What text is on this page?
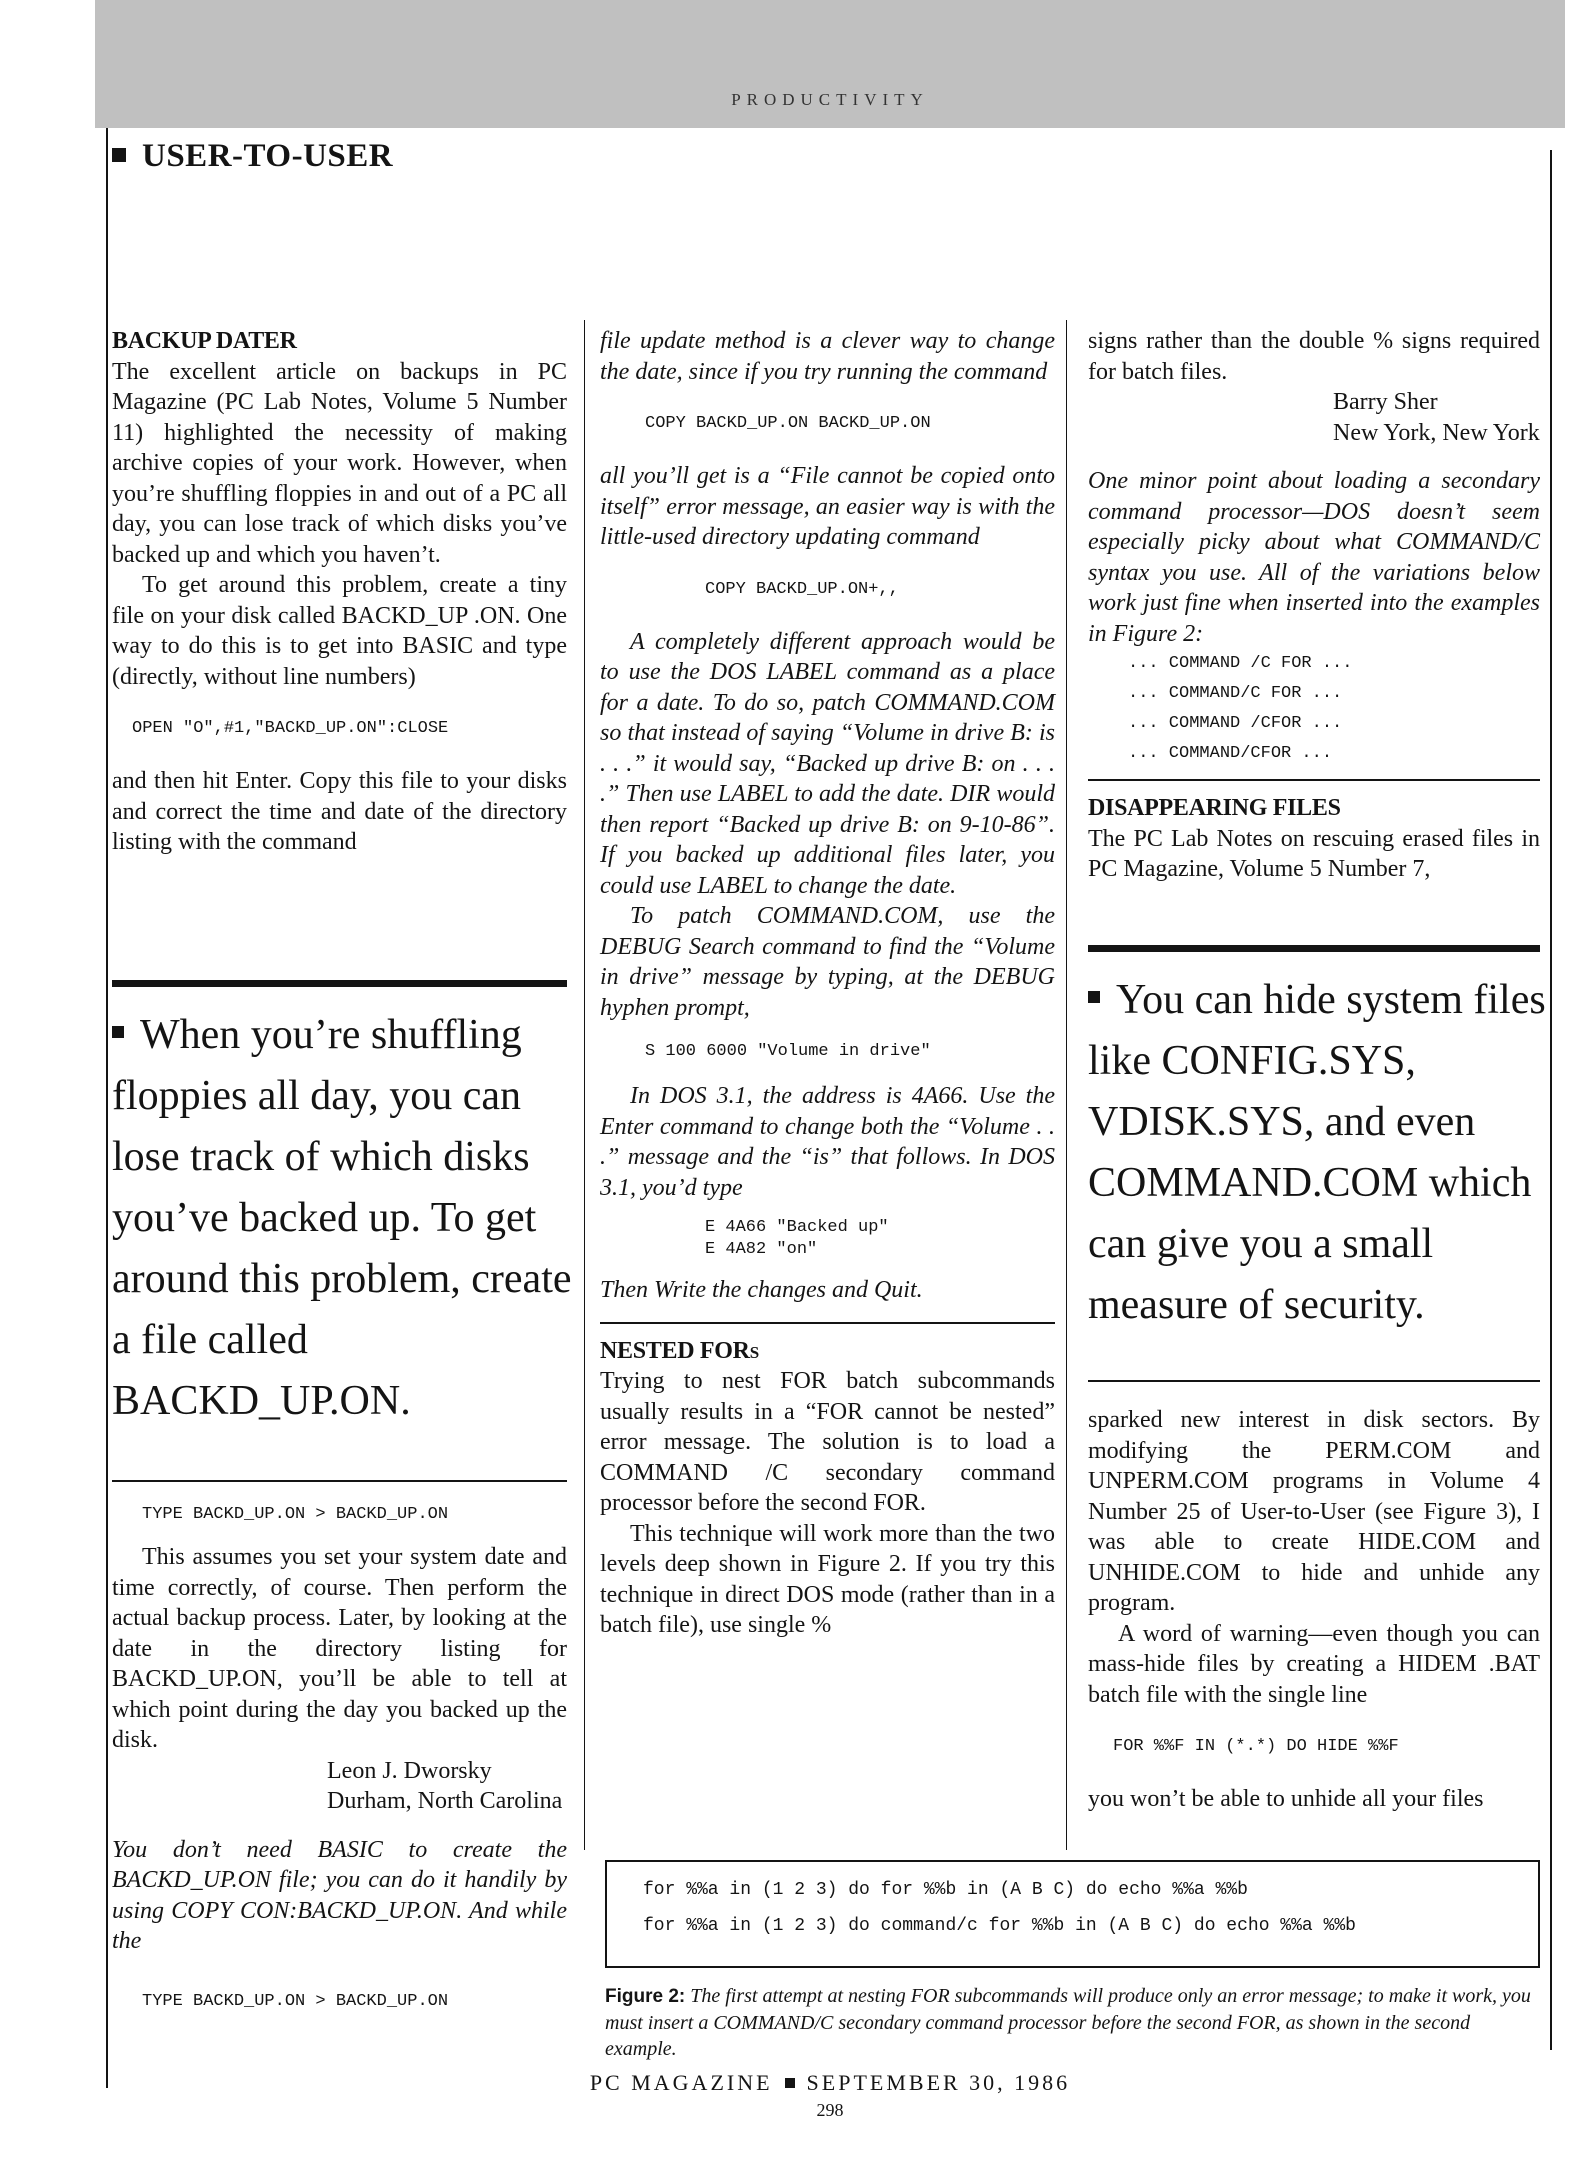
PRODUCTIVITY
USER-TO-USER

BACKUP DATER

The excellent article on backups in PC Magazine (PC Lab Notes, Volume 5 Number 11) highlighted the necessity of making archive copies of your work. However, when you’re shuffling floppies in and out of a PC all day, you can lose track of which disks you’ve backed up and which you haven’t.

To get around this problem, create a tiny file on your disk called BACKD_UP .ON. One way to do this is to get into BASIC and type (directly, without line numbers)

OPEN "O",#1,"BACKD_UP.ON":CLOSE

and then hit Enter. Copy this file to your disks and correct the time and date of the directory listing with the command

When you’re shuffling floppies all day, you can lose track of which disks you’ve backed up. To get around this problem, create a file called BACKD_UP.ON.
TYPE BACKD_UP.ON > BACKD_UP.ON

This assumes you set your system date and time correctly, of course. Then perform the actual backup process. Later, by looking at the date in the directory listing for BACKD_UP.ON, you’ll be able to tell at which point during the day you backed up the disk.

Leon J. Dworsky

Durham, North Carolina

You don’t need BASIC to create the BACKD_UP.ON file; you can do it handily by using COPY CON:BACKD_UP.ON. And while the

TYPE BACKD_UP.ON > BACKD_UP.ON

file update method is a clever way to change the date, since if you try running the command

COPY BACKD_UP.ON BACKD_UP.ON

all you’ll get is a “File cannot be copied onto itself” error message, an easier way is with the little-used directory updating command

COPY BACKD_UP.ON+,,

A completely different approach would be to use the DOS LABEL command as a place for a date. To do so, patch COMMAND.COM so that instead of saying “Volume in drive B: is . . .” it would say, “Backed up drive B: on . . . .” Then use LABEL to add the date. DIR would then report “Backed up drive B: on 9-10-86”. If you backed up additional files later, you could use LABEL to change the date.

To patch COMMAND.COM, use the DEBUG Search command to find the “Volume in drive” message by typing, at the DEBUG hyphen prompt,

S 100 6000 "Volume in drive"

In DOS 3.1, the address is 4A66. Use the Enter command to change both the “Volume . . .” message and the “is” that follows. In DOS 3.1, you’d type

E 4A66 "Backed up"
E 4A82 "on"

Then Write the changes and Quit.

NESTED FORs

Trying to nest FOR batch subcommands usually results in a “FOR cannot be nested” error message. The solution is to load a COMMAND /C secondary command processor before the second FOR.

This technique will work more than the two levels deep shown in Figure 2. If you try this technique in direct DOS mode (rather than in a batch file), use single %

signs rather than the double % signs required for batch files.

Barry Sher

New York, New York

One minor point about loading a secondary command processor—DOS doesn’t seem especially picky about what COMMAND/C syntax you use. All of the variations below work just fine when inserted into the examples in Figure 2:

... COMMAND /C FOR ...
... COMMAND/C FOR ...
... COMMAND /CFOR ...
... COMMAND/CFOR ...

DISAPPEARING FILES

The PC Lab Notes on rescuing erased files in PC Magazine, Volume 5 Number 7,

You can hide system files like CONFIG.SYS, VDISK.SYS, and even COMMAND.COM which can give you a small measure of security.

sparked new interest in disk sectors. By modifying the PERM.COM and UNPERM.COM programs in Volume 4 Number 25 of User-to-User (see Figure 3), I was able to create HIDE.COM and UNHIDE.COM to hide and unhide any program.

A word of warning—even though you can mass-hide files by creating a HIDEM .BAT batch file with the single line

FOR %%F IN (*.*) DO HIDE %%F

you won’t be able to unhide all your files

for %%a in (1 2 3) do for %%b in (A B C) do echo %%a %%b
for %%a in (1 2 3) do command/c for %%b in (A B C) do echo %%a %%b
Figure 2: The first attempt at nesting FOR subcommands will produce only an error message; to make it work, you must insert a COMMAND/C secondary command processor before the second FOR, as shown in the second example.
PC MAGAZINE SEPTEMBER 30, 1986
298
